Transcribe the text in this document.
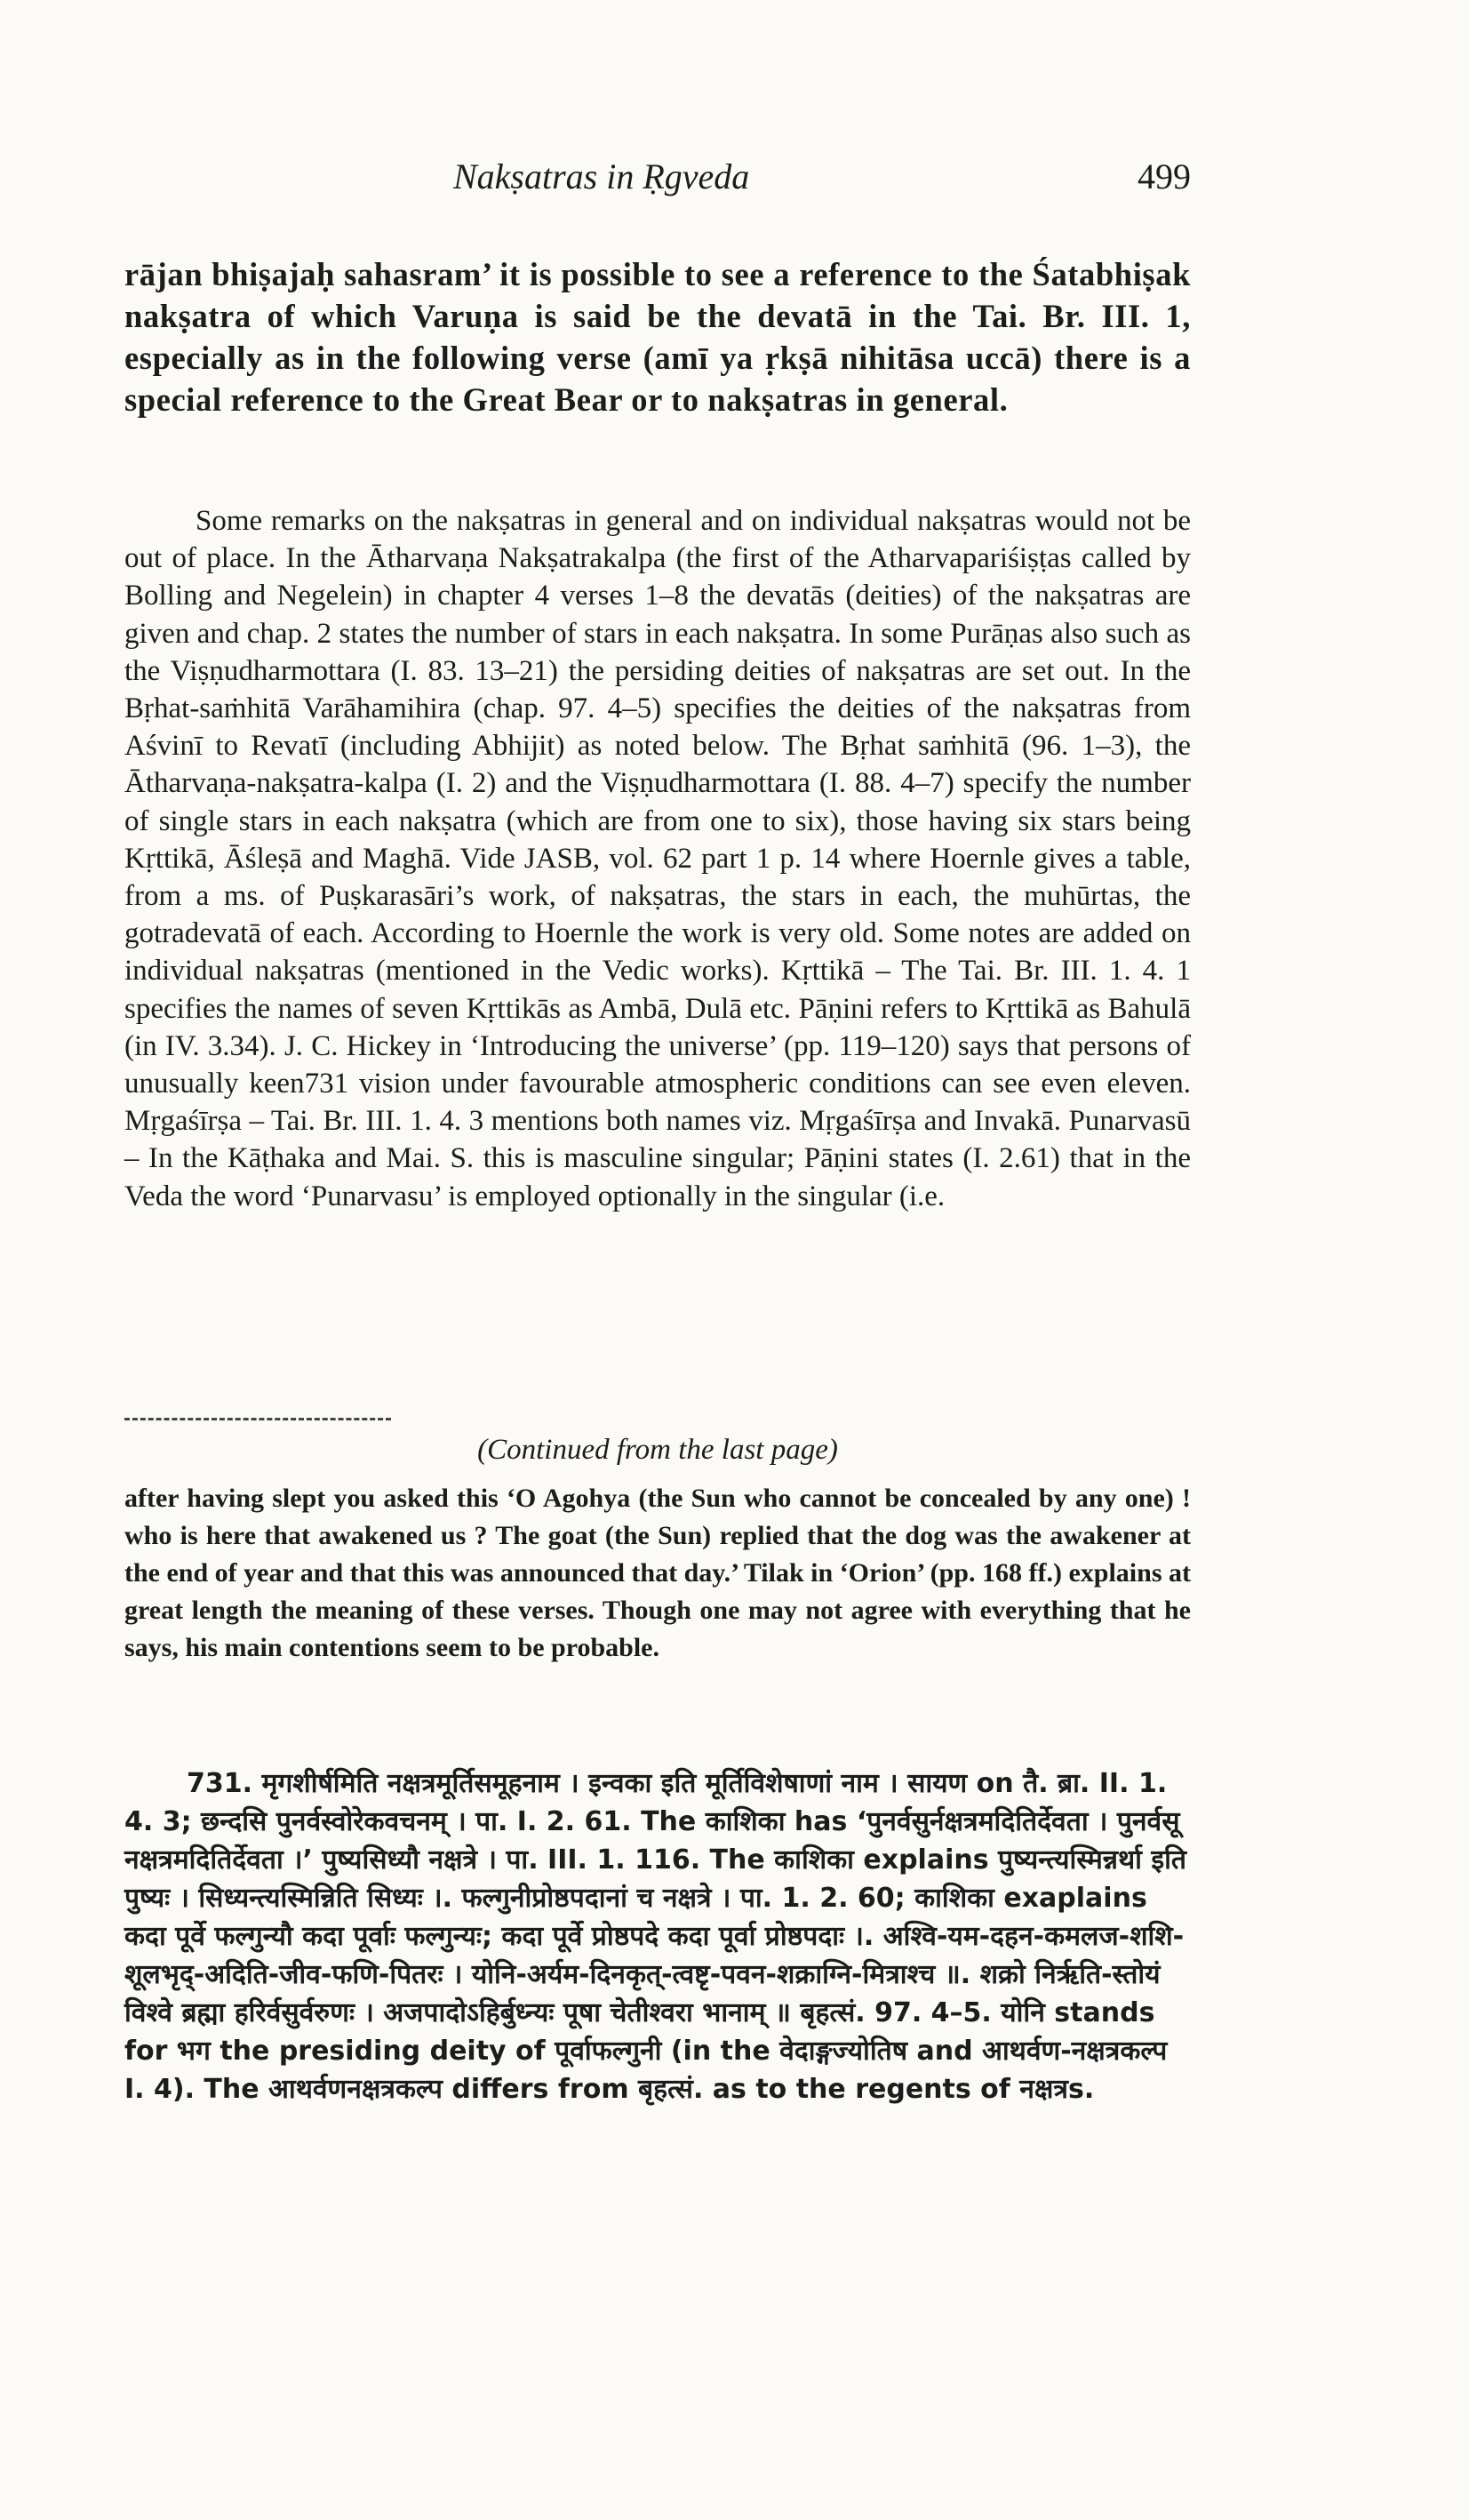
Nakṣatras in Ṛgveda	499

rājan bhiṣajaḥ sahasram’ it is possible to see a reference to the Śatabhiṣak nakṣatra of which Varuṇa is said be the devatā in the Tai. Br. III. 1, especially as in the following verse (amī ya ṛkṣā nihitāsa uccā) there is a special reference to the Great Bear or to nakṣatras in general.

Some remarks on the nakṣatras in general and on individual nakṣatras would not be out of place. In the Ātharvaṇa Nakṣatrakalpa (the first of the Atharvapariśiṣṭas called by Bolling and Negelein) in chapter 4 verses 1–8 the devatās (deities) of the nakṣatras are given and chap. 2 states the number of stars in each nakṣatra. In some Purāṇas also such as the Viṣṇudharmottara (I. 83. 13–21) the persiding deities of nakṣatras are set out. In the Bṛhat-saṁhitā Varāhamihira (chap. 97. 4–5) specifies the deities of the nakṣatras from Aśvinī to Revatī (including Abhijit) as noted below. The Bṛhat saṁhitā (96. 1–3), the Ātharvaṇa-nakṣatra-kalpa (I. 2) and the Viṣṇudharmottara (I. 88. 4–7) specify the number of single stars in each nakṣatra (which are from one to six), those having six stars being Kṛttikā, Āśleṣā and Maghā. Vide JASB, vol. 62 part 1 p. 14 where Hoernle gives a table, from a ms. of Puṣkarasāri’s work, of nakṣatras, the stars in each, the muhūrtas, the gotradevatā of each. According to Hoernle the work is very old. Some notes are added on individual nakṣatras (mentioned in the Vedic works). Kṛttikā – The Tai. Br. III. 1. 4. 1 specifies the names of seven Kṛttikās as Ambā, Dulā etc. Pāṇini refers to Kṛttikā as Bahulā (in IV. 3.34). J. C. Hickey in ‘Introducing the universe’ (pp. 119–120) says that persons of unusually keen731 vision under favourable atmospheric conditions can see even eleven. Mṛgaśīrṣa – Tai. Br. III. 1. 4. 3 mentions both names viz. Mṛgaśīrṣa and Invakā. Punarvasū – In the Kāṭhaka and Mai. S. this is masculine singular; Pāṇini states (I. 2.61) that in the Veda the word ‘Punarvasu’ is employed optionally in the singular (i.e.

(Continued from the last page)

after having slept you asked this ‘O Agohya (the Sun who cannot be concealed by any one) ! who is here that awakened us ? The goat (the Sun) replied that the dog was the awakener at the end of year and that this was announced that day.’ Tilak in ‘Orion’ (pp. 168 ff.) explains at great length the meaning of these verses. Though one may not agree with everything that he says, his main contentions seem to be probable.

731. मृगशीर्षमिति नक्षत्रमूर्तिसमूहनाम । इन्वका इति मूर्तिविशेषाणां नाम । सायण on तै. ब्रा. II. 1. 4. 3; छन्दसि पुनर्वस्वोरेकवचनम् । पा. I. 2. 61. The काशिका has ‘पुनर्वसुर्नक्षत्रमदितिर्देवता । पुनर्वसू नक्षत्रमदितिर्देवता ।’ पुष्यसिध्यौ नक्षत्रे । पा. III. 1. 116. The काशिका explains पुष्यन्त्यस्मिन्नर्था इति पुष्यः । सिध्यन्त्यस्मिन्निति सिध्यः ।. फल्गुनीप्रोष्ठपदानां च नक्षत्रे । पा. 1. 2. 60; काशिका exaplains कदा पूर्वे फल्गुन्यौ कदा पूर्वाः फल्गुन्यः; कदा पूर्वे प्रोष्ठपदे कदा पूर्वा प्रोष्ठपदाः ।. अश्वि-यम-दहन-कमलज-शशि-शूलभृद्-अदिति-जीव-फणि-पितरः । योनि-अर्यम-दिनकृत्-त्वष्टृ-पवन-शक्राग्नि-मित्राश्च ॥. शक्रो निर्ऋति-स्तोयं विश्वे ब्रह्मा हरिर्वसुर्वरुणः । अजपादोऽहिर्बुध्न्यः पूषा चेतीश्वरा भानाम् ॥ बृहत्सं. 97. 4–5. योनि stands for भग the presiding deity of पूर्वाफल्गुनी (in the वेदाङ्गज्योतिष and आथर्वण-नक्षत्रकल्प I. 4). The आथर्वणनक्षत्रकल्प differs from बृहत्सं. as to the regents of नक्षत्रs.
